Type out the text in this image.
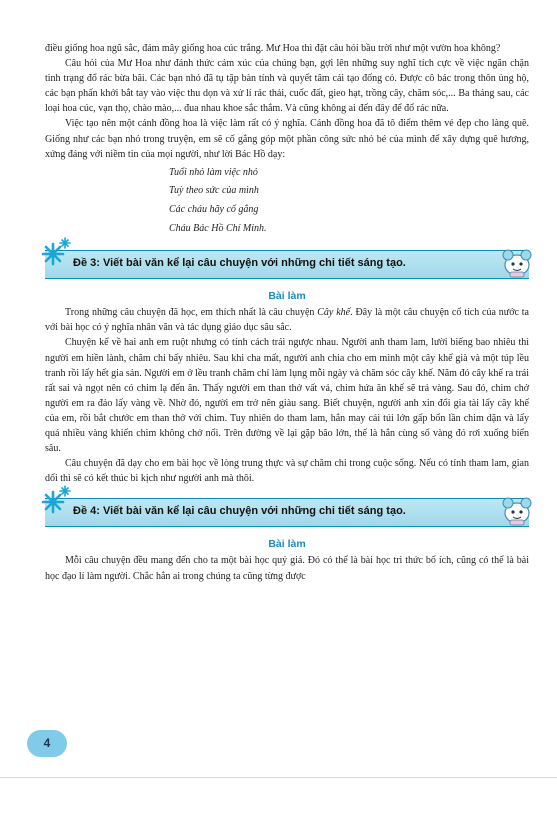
điều giống hoa ngũ sắc, đám mây giống hoa cúc trắng. Mư Hoa thì đặt câu hỏi bầu trời như một vườn hoa không?

Câu hỏi của Mư Hoa như đánh thức cảm xúc của chúng bạn, gợi lên những suy nghĩ tích cực về việc ngăn chặn tình trạng đổ rác bừa bãi. Các bạn nhỏ đã tụ tập bàn tính và quyết tâm cải tạo đống cỏ. Được cô bác trong thôn ủng hộ, các bạn phấn khởi bắt tay vào việc thu dọn và xử lí rác thải, cuốc đất, gieo hạt, trồng cây, chăm sóc,... Ba tháng sau, các loại hoa cúc, vạn thọ, chào mào,... đua nhau khoe sắc thắm. Và cũng không ai đến đây để đổ rác nữa.

Việc tạo nên một cánh đồng hoa là việc làm rất có ý nghĩa. Cánh đồng hoa đã tô điểm thêm vẻ đẹp cho làng quê. Giống như các bạn nhỏ trong truyện, em sẽ cố gắng góp một phần công sức nhỏ bé của mình để xây dựng quê hương, xứng đáng với niềm tin của mọi người, như lời Bác Hồ dạy:

Tuổi nhỏ làm việc nhỏ
Tuỳ theo sức của mình
Các cháu hãy cố gắng
Cháu Bác Hồ Chí Minh.
Đề 3: Viết bài văn kể lại câu chuyện với những chi tiết sáng tạo.
Bài làm

Trong những câu chuyện đã học, em thích nhất là câu chuyện Cây khế. Đây là một câu chuyện cổ tích của nước ta với bài học có ý nghĩa nhân văn và tác dụng giáo dục sâu sắc.

Chuyện kể về hai anh em ruột nhưng có tính cách trái ngược nhau. Người anh tham lam, lười biếng bao nhiêu thì người em hiền lành, chăm chỉ bấy nhiêu. Sau khi cha mất, người anh chia cho em mình một cây khế già và một túp lều tranh rồi lấy hết gia sản. Người em ở lều tranh chăm chỉ làm lụng mỗi ngày và chăm sóc cây khế. Năm đó cây khế ra trái rất sai và ngọt nên có chim lạ đến ăn. Thấy người em than thở vất vả, chim hứa ăn khế sẽ trả vàng. Sau đó, chim chở người em ra đảo lấy vàng về. Nhờ đó, người em trở nên giàu sang. Biết chuyện, người anh xin đổi gia tài lấy cây khế của em, rồi bắt chước em than thở với chim. Tuy nhiên do tham lam, hắn may cái túi lớn gấp bốn lần chim dặn và lấy quá nhiều vàng khiến chim không chở nổi. Trên đường về lại gặp bão lớn, thế là hắn cùng số vàng đó rơi xuống biển sâu.

Câu chuyện đã dạy cho em bài học về lòng trung thực và sự chăm chỉ trong cuộc sống. Nếu có tính tham lam, gian dối thì sẽ có kết thúc bi kịch như người anh mà thôi.

Đề 4: Viết bài văn kể lại câu chuyện với những chi tiết sáng tạo.
Bài làm

Mỗi câu chuyện đều mang đến cho ta một bài học quý giá. Đó có thể là bài học tri thức bổ ích, cũng có thể là bài học đạo lí làm người. Chắc hẳn ai trong chúng ta cũng từng được

4
